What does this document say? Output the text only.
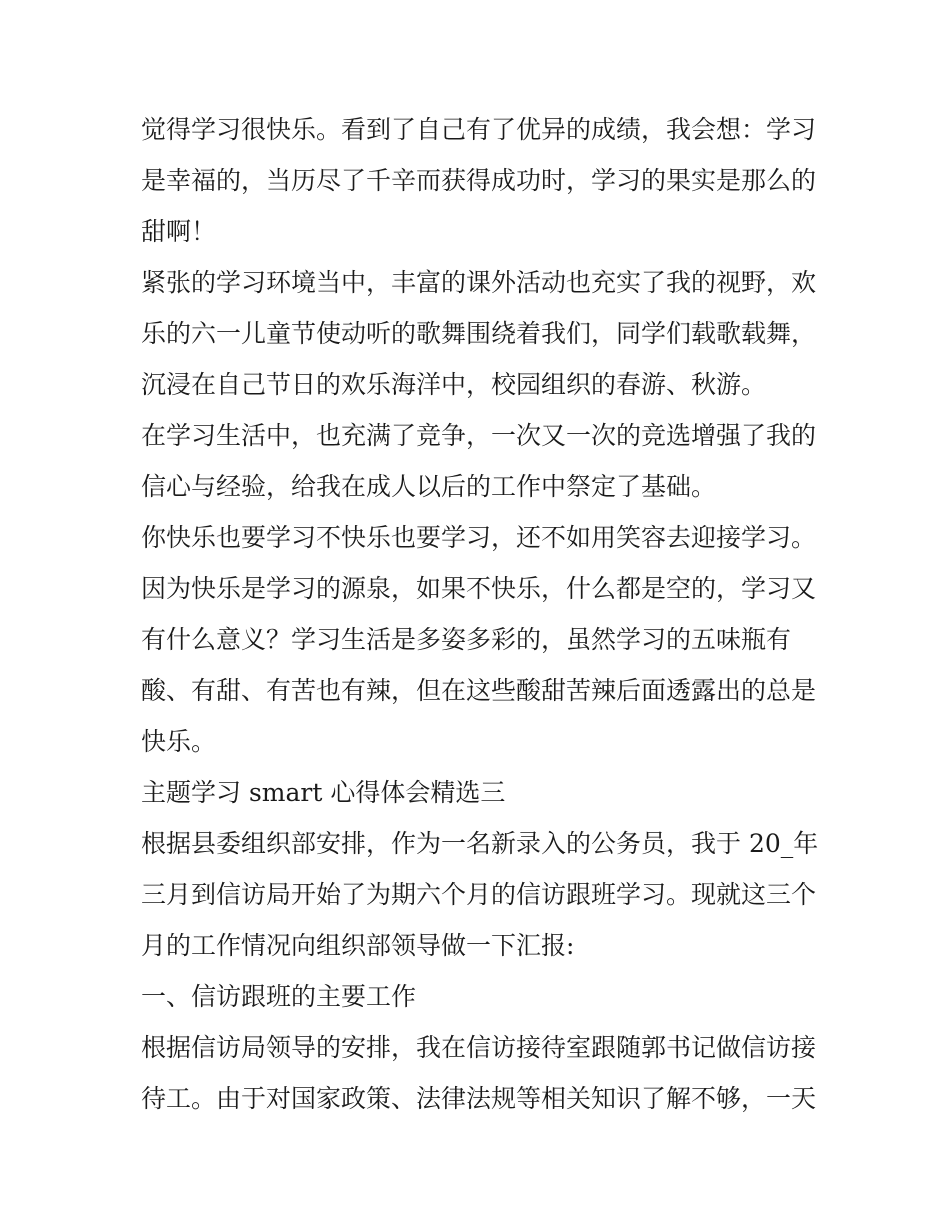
觉得学习很快乐。看到了自己有了优异的成绩，我会想：学习
是幸福的，当历尽了千辛而获得成功时，学习的果实是那么的
甜啊！
紧张的学习环境当中，丰富的课外活动也充实了我的视野，欢
乐的六一儿童节使动听的歌舞围绕着我们，同学们载歌载舞，
沉浸在自己节日的欢乐海洋中，校园组织的春游、秋游。
在学习生活中，也充满了竞争，一次又一次的竞选增强了我的
信心与经验，给我在成人以后的工作中祭定了基础。
你快乐也要学习不快乐也要学习，还不如用笑容去迎接学习。
因为快乐是学习的源泉，如果不快乐，什么都是空的，学习又
有什么意义？学习生活是多姿多彩的，虽然学习的五味瓶有
酸、有甜、有苦也有辣，但在这些酸甜苦辣后面透露出的总是
快乐。
主题学习 smart 心得体会精选三
根据县委组织部安排，作为一名新录入的公务员，我于 20_年
三月到信访局开始了为期六个月的信访跟班学习。现就这三个
月的工作情况向组织部领导做一下汇报:
一、信访跟班的主要工作
根据信访局领导的安排，我在信访接待室跟随郭书记做信访接
待工。由于对国家政策、法律法规等相关知识了解不够，一天
